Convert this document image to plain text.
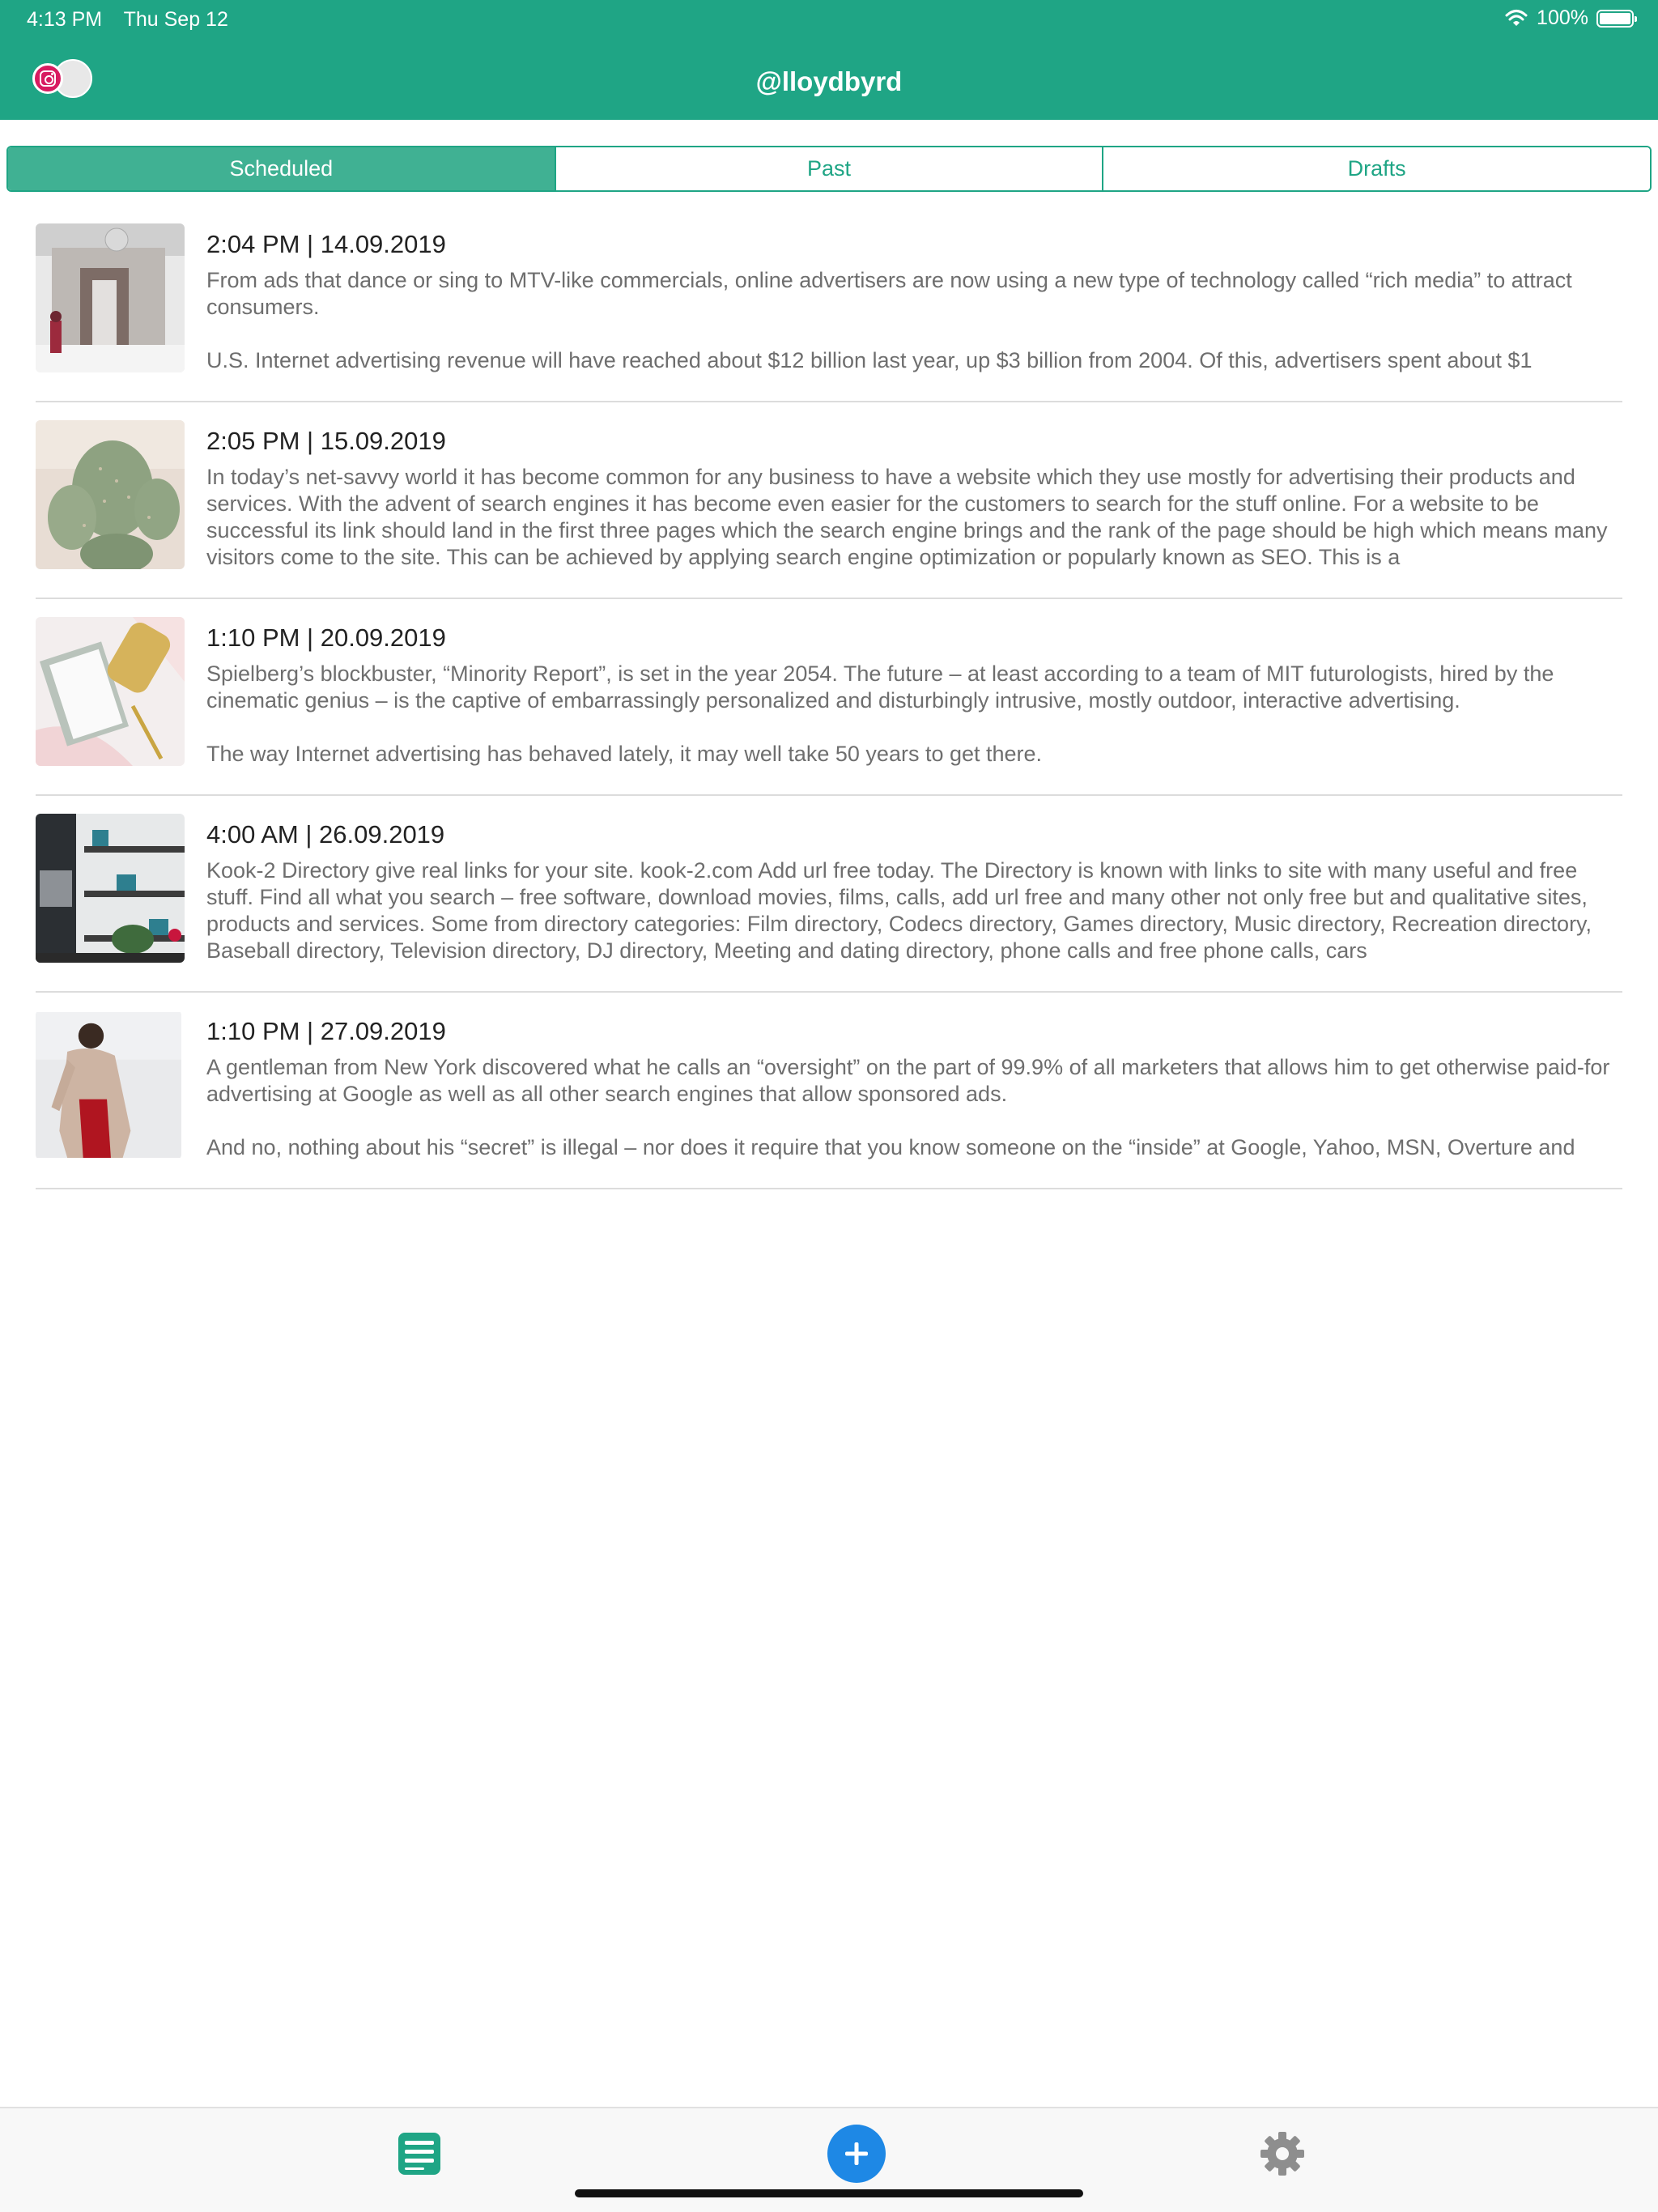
4:13 PM Thu Sep 12	100%
@lloydbyrd
Scheduled	Past	Drafts
2:04 PM | 14.09.2019
From ads that dance or sing to MTV-like commercials, online advertisers are now using a new type of technology called “rich media” to attract consumers.

U.S. Internet advertising revenue will have reached about $12 billion last year, up $3 billion from 2004. Of this, advertisers spent about $1
2:05 PM | 15.09.2019
In today’s net-savvy world it has become common for any business to have a website which they use mostly for advertising their products and services. With the advent of search engines it has become even easier for the customers to search for the stuff online. For a website to be successful its link should land in the first three pages which the search engine brings and the rank of the page should be high which means many visitors come to the site. This can be achieved by applying search engine optimization or popularly known as SEO. This is a
1:10 PM | 20.09.2019
Spielberg’s blockbuster, “Minority Report”, is set in the year 2054. The future – at least according to a team of MIT futurologists, hired by the cinematic genius – is the captive of embarrassingly personalized and disturbingly intrusive, mostly outdoor, interactive advertising.

The way Internet advertising has behaved lately, it may well take 50 years to get there.
4:00 AM | 26.09.2019
Kook-2 Directory give real links for your site. kook-2.com Add url free today. The Directory is known with links to site with many useful and free stuff. Find all what you search – free software, download movies, films, calls, add url free and many other not only free but and qualitative sites, products and services. Some from directory categories: Film directory, Codecs directory, Games directory, Music directory, Recreation directory, Baseball directory, Television directory, DJ directory, Meeting and dating directory, phone calls and free phone calls, cars
1:10 PM | 27.09.2019
A gentleman from New York discovered what he calls an “oversight” on the part of 99.9% of all marketers that allows him to get otherwise paid-for advertising at Google as well as all other search engines that allow sponsored ads.

And no, nothing about his “secret” is illegal – nor does it require that you know someone on the “inside” at Google, Yahoo, MSN, Overture and
